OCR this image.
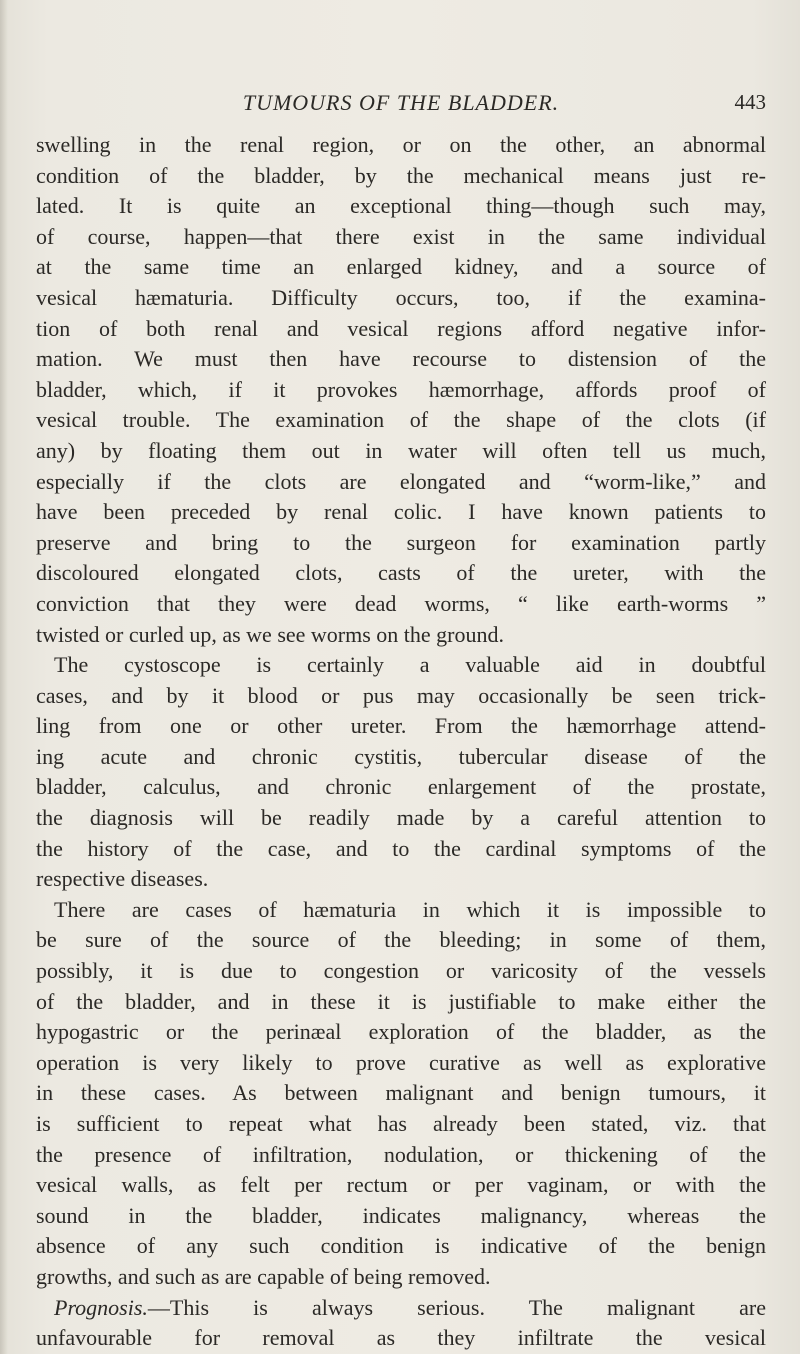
TUMOURS OF THE BLADDER.	443
swelling in the renal region, or on the other, an abnormal
condition of the bladder, by the mechanical means just re-
lated. It is quite an exceptional thing—though such may,
of course, happen—that there exist in the same individual
at the same time an enlarged kidney, and a source of
vesical hæmaturia. Difficulty occurs, too, if the examina-
tion of both renal and vesical regions afford negative infor-
mation. We must then have recourse to distension of the
bladder, which, if it provokes hæmorrhage, affords proof of
vesical trouble. The examination of the shape of the clots (if
any) by floating them out in water will often tell us much,
especially if the clots are elongated and “worm-like,” and
have been preceded by renal colic. I have known patients to
preserve and bring to the surgeon for examination partly
discoloured elongated clots, casts of the ureter, with the
conviction that they were dead worms, “ like earth-worms ”
twisted or curled up, as we see worms on the ground.
The cystoscope is certainly a valuable aid in doubtful
cases, and by it blood or pus may occasionally be seen trick-
ling from one or other ureter. From the hæmorrhage attend-
ing acute and chronic cystitis, tubercular disease of the
bladder, calculus, and chronic enlargement of the prostate,
the diagnosis will be readily made by a careful attention to
the history of the case, and to the cardinal symptoms of the
respective diseases.
There are cases of hæmaturia in which it is impossible to
be sure of the source of the bleeding; in some of them,
possibly, it is due to congestion or varicosity of the vessels
of the bladder, and in these it is justifiable to make either the
hypogastric or the perinæal exploration of the bladder, as the
operation is very likely to prove curative as well as explorative
in these cases. As between malignant and benign tumours, it
is sufficient to repeat what has already been stated, viz. that
the presence of infiltration, nodulation, or thickening of the
vesical walls, as felt per rectum or per vaginam, or with the
sound in the bladder, indicates malignancy, whereas the
absence of any such condition is indicative of the benign
growths, and such as are capable of being removed.
Prognosis.—This is always serious. The malignant are
unfavourable for removal as they infiltrate the vesical
